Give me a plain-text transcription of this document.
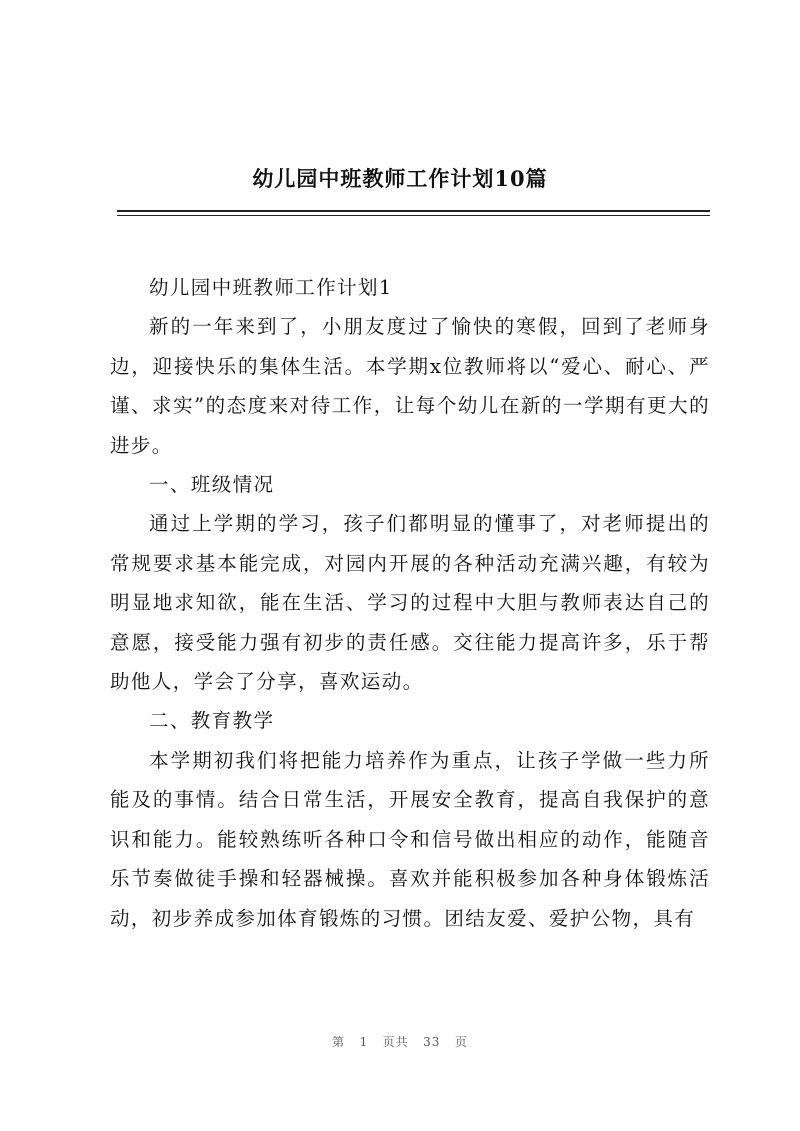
幼儿园中班教师工作计划10篇

幼儿园中班教师工作计划1

新的一年来到了，小朋友度过了愉快的寒假，回到了老师身边，迎接快乐的集体生活。本学期x位教师将以“爱心、耐心、严谨、求实”的态度来对待工作，让每个幼儿在新的一学期有更大的进步。

一、班级情况

通过上学期的学习，孩子们都明显的懂事了，对老师提出的常规要求基本能完成，对园内开展的各种活动充满兴趣，有较为明显地求知欲，能在生活、学习的过程中大胆与教师表达自己的意愿，接受能力强有初步的责任感。交往能力提高许多，乐于帮助他人，学会了分享，喜欢运动。

二、教育教学

本学期初我们将把能力培养作为重点，让孩子学做一些力所能及的事情。结合日常生活，开展安全教育，提高自我保护的意识和能力。能较熟练听各种口令和信号做出相应的动作，能随音乐节奏做徒手操和轻器械操。喜欢并能积极参加各种身体锻炼活动，初步养成参加体育锻炼的习惯。团结友爱、爱护公物，具有

第 1 页共 33 页
